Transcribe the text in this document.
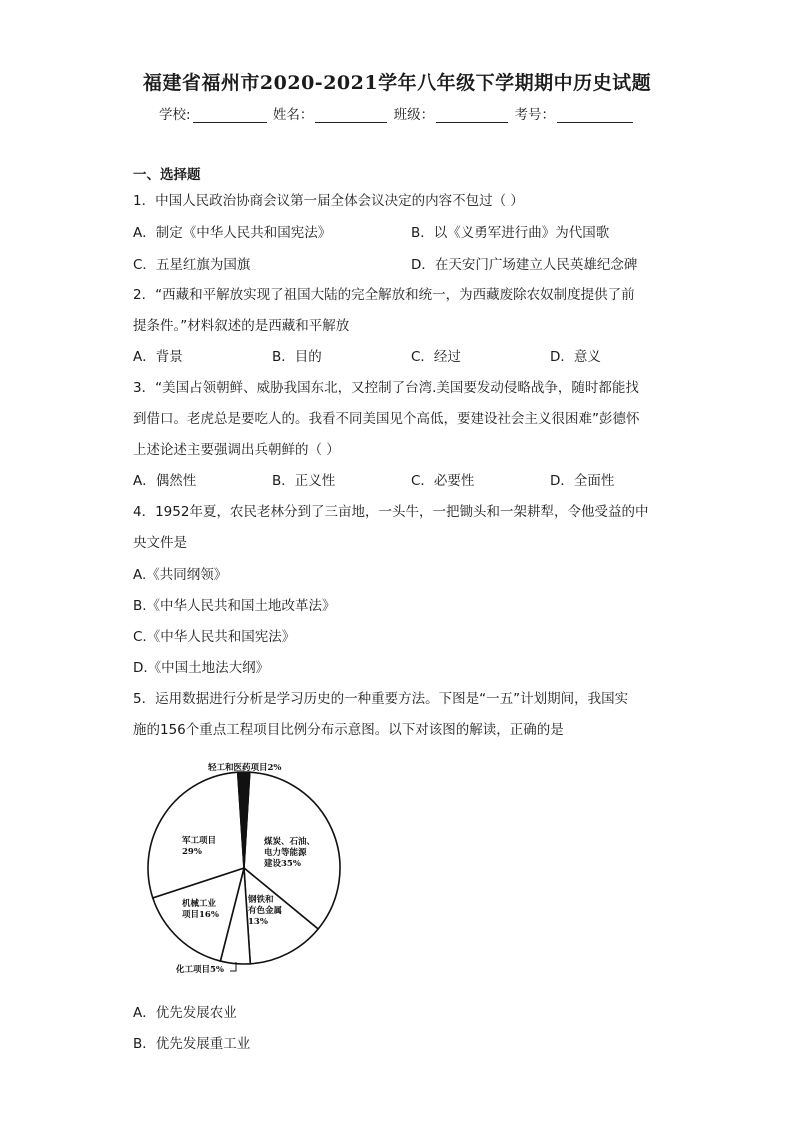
福建省福州市2020-2021学年八年级下学期期中历史试题
学校:	姓名：	班级：	考号：
一、选择题
1．中国人民政治协商会议第一届全体会议决定的内容不包过（ ）
A．制定《中华人民共和国宪法》	B．以《义勇军进行曲》为代国歌
C．五星红旗为国旗	D．在天安门广场建立人民英雄纪念碑
2．“西藏和平解放实现了祖国大陆的完全解放和统一，为西藏废除农奴制度提供了前
提条件。”材料叙述的是西藏和平解放
A．背景	B．目的	C．经过	D．意义
3．“美国占领朝鲜、威胁我国东北，又控制了台湾.美国要发动侵略战争，随时都能找
到借口。老虎总是要吃人的。我看不同美国见个高低，要建设社会主义很困难”彭德怀
上述论述主要强调出兵朝鲜的（ ）
A．偶然性	B．正义性	C．必要性	D．全面性
4．1952年夏，农民老林分到了三亩地，一头牛，一把锄头和一架耕犁，令他受益的中
央文件是
A.《共同纲领》
B.《中华人民共和国土地改革法》
C.《中华人民共和国宪法》
D.《中国土地法大纲》
5．运用数据进行分析是学习历史的一种重要方法。下图是“一五”计划期间，我国实
施的156个重点工程项目比例分布示意图。以下对该图的解读，正确的是
煤炭、石油、电力等能源建设35%
钢铁和有色金属 13%
化工项目5%
机械工业项目16%
军工项目 29%
轻工和医药项目2%
A．优先发展农业
B．优先发展重工业
